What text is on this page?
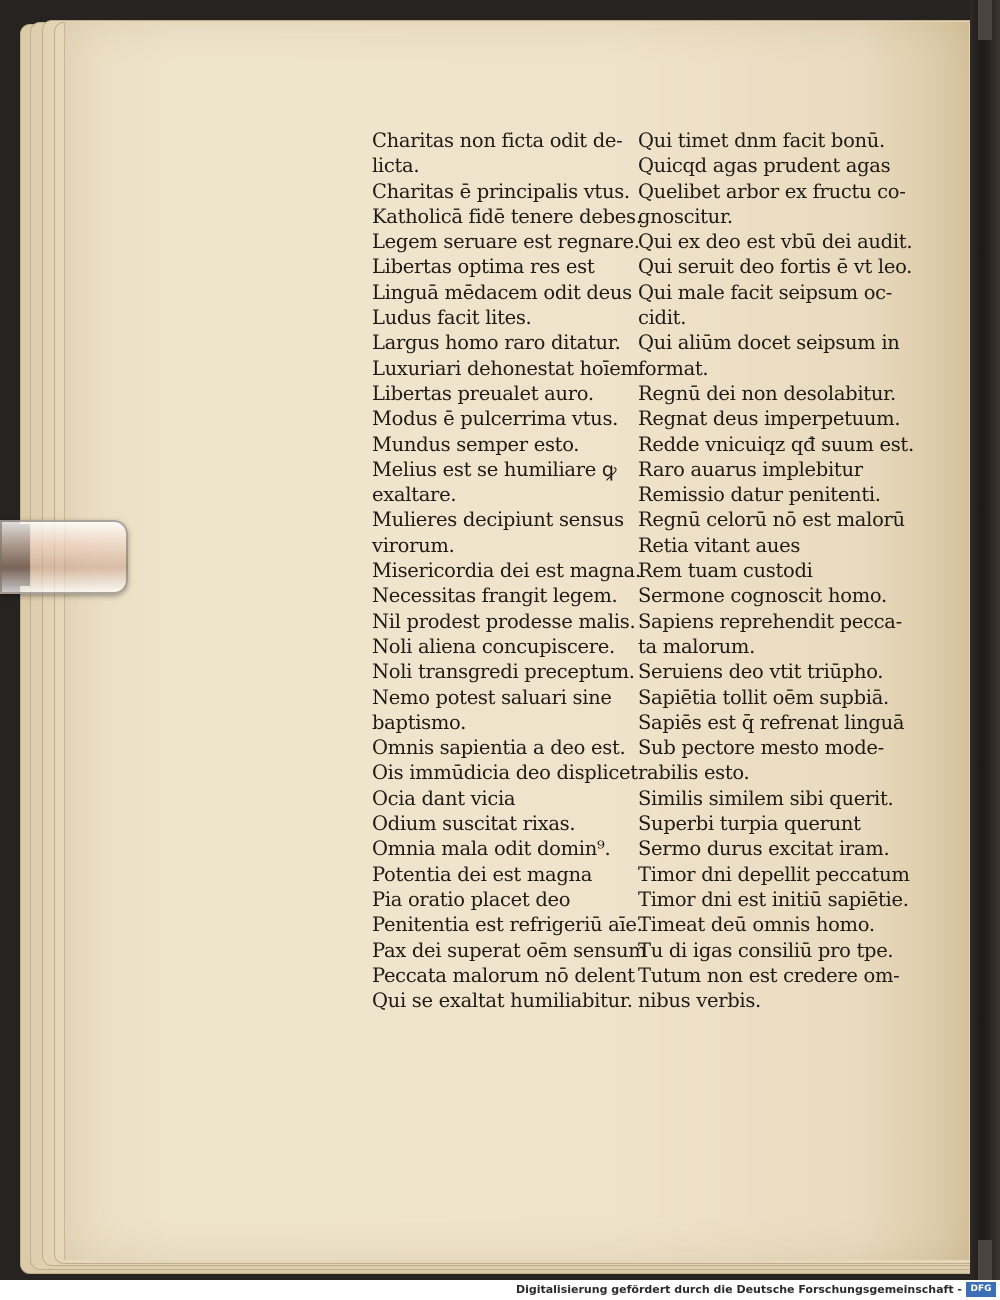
Charitas non ficta odit de-
licta.
Charitas ē principalis vtus.
Katholicā fidē tenere debes.
Legem seruare est regnare.
Libertas optima res est
Linguā mēdacem odit deus
Ludus facit lites.
Largus homo raro ditatur.
Luxuriari dehonestat hoīem
Libertas preualet auro.
Modus ē pulcerrima vtus.
Mundus semper esto.
Melius est se humiliare ꝙ
exaltare.
Mulieres decipiunt sensus
virorum.
Misericordia dei est magna.
Necessitas frangit legem.
Nil prodest prodesse malis.
Noli aliena concupiscere.
Noli transgredi preceptum.
Nemo potest saluari sine
baptismo.
Omnis sapientia a deo est.
Ois immūdicia deo displicet
Ocia dant vicia
Odium suscitat rixas.
Omnia mala odit domin⁹.
Potentia dei est magna
Pia oratio placet deo
Penitentia est refrigeriū aīe.
Pax dei superat oēm sensum
Peccata malorum nō delent
Qui se exaltat humiliabitur.
Qui timet dnm facit bonū.
Quicqd agas prudent agas
Quelibet arbor ex fructu co-
gnoscitur.
Qui ex deo est vbū dei audit.
Qui seruit deo fortis ē vt leo.
Qui male facit seipsum oc-
cidit.
Qui aliūm docet seipsum in
format.
Regnū dei non desolabitur.
Regnat deus imperpetuum.
Redde vnicuiqz qđ suum est.
Raro auarus implebitur
Remissio datur penitenti.
Regnū celorū nō est malorū
Retia vitant aues
Rem tuam custodi
Sermone cognoscit homo.
Sapiens reprehendit pecca-
ta malorum.
Seruiens deo vtit triūpho.
Sapiētia tollit oēm supbiā.
Sapiēs est q̄ refrenat linguā
Sub pectore mesto mode-
rabilis esto.
Similis similem sibi querit.
Superbi turpia querunt
Sermo durus excitat iram.
Timor dni depellit peccatum
Timor dni est initiū sapiētie.
Timeat deū omnis homo.
Tu di igas consiliū pro tpe.
Tutum non est credere om-
nibus verbis.
Digitalisierung gefördert durch die Deutsche Forschungsgemeinschaft - DFG
